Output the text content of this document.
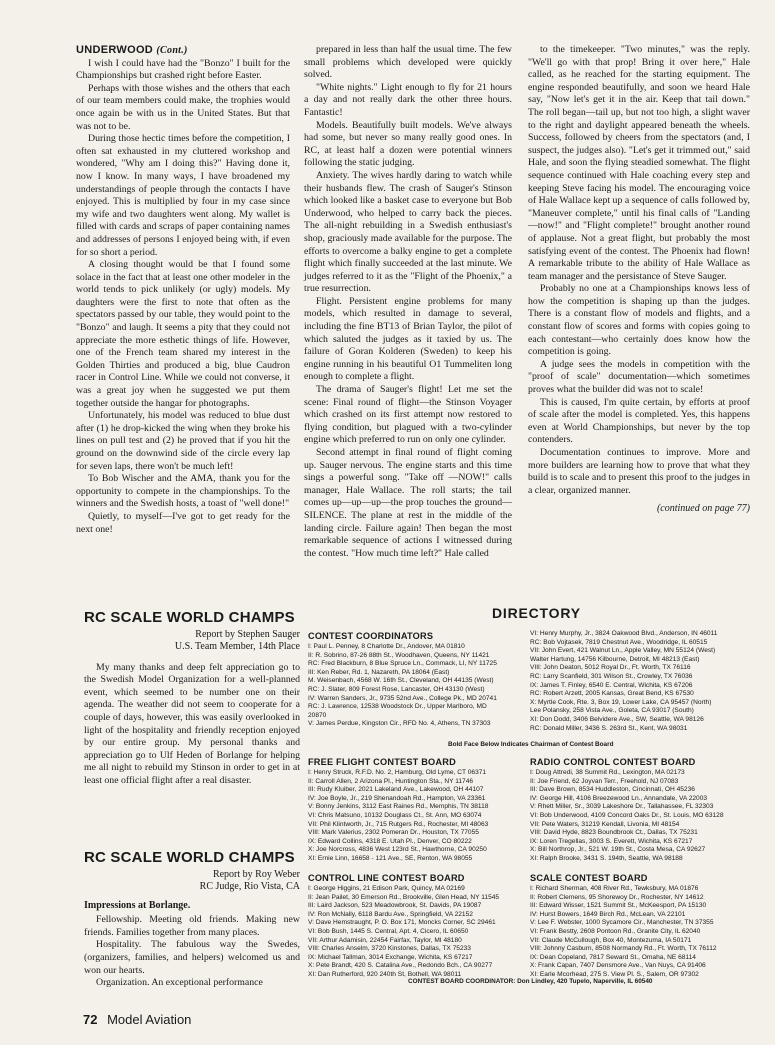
UNDERWOOD (Cont.)

I wish I could have had the "Bonzo" I built for the Championships but crashed right before Easter.

Perhaps with those wishes and the others that each of our team members could make, the trophies would once again be with us in the United States. But that was not to be.

During those hectic times before the competition, I often sat exhausted in my cluttered workshop and wondered, "Why am I doing this?" Having done it, now I know. In many ways, I have broadened my understandings of people through the contacts I have enjoyed. This is multiplied by four in my case since my wife and two daughters went along. My wallet is filled with cards and scraps of paper containing names and addresses of persons I enjoyed being with, if even for so short a period.

A closing thought would be that I found some solace in the fact that at least one other modeler in the world tends to pick unlikely (or ugly) models. My daughters were the first to note that often as the spectators passed by our table, they would point to the "Bonzo" and laugh. It seems a pity that they could not appreciate the more esthetic things of life. However, one of the French team shared my interest in the Golden Thirties and produced a big, blue Caudron racer in Control Line. While we could not converse, it was a great joy when he suggested we put them together outside the hangar for photographs.

Unfortunately, his model was reduced to blue dust after (1) he drop-kicked the wing when they broke his lines on pull test and (2) he proved that if you hit the ground on the downwind side of the circle every lap for seven laps, there won't be much left!

To Bob Wischer and the AMA, thank you for the opportunity to compete in the championships. To the winners and the Swedish hosts, a toast of "well done!"

Quietly, to myself—I've got to get ready for the next one!

prepared in less than half the usual time. The few small problems which developed were quickly solved.

"White nights." Light enough to fly for 21 hours a day and not really dark the other three hours. Fantastic!

Models. Beautifully built models. We've always had some, but never so many really good ones. In RC, at least half a dozen were potential winners following the static judging.

Anxiety. The wives hardly daring to watch while their husbands flew. The crash of Sauger's Stinson which looked like a basket case to everyone but Bob Underwood, who helped to carry back the pieces. The all-night rebuilding in a Swedish enthusiast's shop, graciously made available for the purpose. The efforts to overcome a balky engine to get a complete flight which finally succeeded at the last minute. We judges referred to it as the "Flight of the Phoenix," a true resurrection.

Flight. Persistent engine problems for many models, which resulted in damage to several, including the fine BT13 of Brian Taylor, the pilot of which saluted the judges as it taxied by us. The failure of Goran Kolderen (Sweden) to keep his engine running in his beautiful O1 Tummeliten long enough to complete a flight.

The drama of Sauger's flight! Let me set the scene: Final round of flight—the Stinson Voyager which crashed on its first attempt now restored to flying condition, but plagued with a two-cylinder engine which preferred to run on only one cylinder.

Second attempt in final round of flight coming up. Sauger nervous. The engine starts and this time sings a powerful song. "Take off —NOW!" calls manager, Hale Wallace. The roll starts; the tail comes up—up—up—the prop touches the ground—SILENCE. The plane at rest in the middle of the landing circle. Failure again! Then began the most remarkable sequence of actions I witnessed during the contest. "How much time left?" Hale called

to the timekeeper. "Two minutes," was the reply. "We'll go with that prop! Bring it over here," Hale called, as he reached for the starting equipment. The engine responded beautifully, and soon we heard Hale say, "Now let's get it in the air. Keep that tail down." The roll began—tail up, but not too high, a slight waver to the right and daylight appeared beneath the wheels. Success, followed by cheers from the spectators (and, I suspect, the judges also). "Let's get it trimmed out," said Hale, and soon the flying steadied somewhat. The flight sequence continued with Hale coaching every step and keeping Steve facing his model. The encouraging voice of Hale Wallace kept up a sequence of calls followed by, "Maneuver complete," until his final calls of "Landing—now!" and "Flight complete!" brought another round of applause. Not a great flight, but probably the most satisfying event of the contest. The Phoenix had flown! A remarkable tribute to the ability of Hale Wallace as team manager and the persistance of Steve Sauger.

Probably no one at a Championships knows less of how the competition is shaping up than the judges. There is a constant flow of models and flights, and a constant flow of scores and forms with copies going to each contestant—who certainly does know how the competition is going.

A judge sees the models in competition with the "proof of scale" documentation—which sometimes proves what the builder did was not to scale!

This is caused, I'm quite certain, by efforts at proof of scale after the model is completed. Yes, this happens even at World Championships, but never by the top contenders.

Documentation continues to improve. More and more builders are learning how to prove that what they build is to scale and to present this proof to the judges in a clear, organized manner.

(continued on page 77)
RC SCALE WORLD CHAMPS
Report by Stephen Sauger
U.S. Team Member, 14th Place

My many thanks and deep felt appreciation go to the Swedish Model Organization for a well-planned event, which seemed to be number one on their agenda. The weather did not seem to cooperate for a couple of days, however, this was easily overlooked in light of the hospitality and friendly reception enjoyed by our entire group. My personal thanks and appreciation go to Ulf Heden of Borlange for helping me all night to rebuild my Stinson in order to get in at least one official flight after a real disaster.

RC SCALE WORLD CHAMPS
Report by Roy Weber
RC Judge, Rio Vista, CA
Impressions at Borlange.

Fellowship. Meeting old friends. Making new friends. Families together from many places.

Hospitality. The fabulous way the Swedes, (organizers, families, and helpers) welcomed us and won our hearts.

Organization. An exceptional performance

DIRECTORY
CONTEST COORDINATORS
I: Paul L. Penney, 8 Charlotte Dr., Andover, MA 01810
II: R. Sobrino, 87-26 88th St., Woodhaven, Queens, NY 11421
RC: Fred Blackburn, 8 Blue Spruce Ln., Commack, LI, NY 11725
III: Ken Reber, Rd. 1, Nazareth, PA 18064 (East)
M. Weisenbach, 4568 W. 16th St., Cleveland, OH 44135 (West)
RC: J. Slater, 809 Forest Rose, Lancaster, OH 43130 (West)
IV: Warren Sanders, Jr., 9735 52nd Ave., College Pk., MD 20741
RC: J. Lawrence, 12538 Woodstock Dr., Upper Marlboro, MD
20870
V: James Perdue, Kingston Cir., RFD No. 4, Athens, TN 37303
VI: Henry Murphy, Jr., 3824 Oakwood Blvd., Anderson, IN 46011
RC: Bob Vojtasek, 7819 Chestnut Ave., Woodridge, IL 60515
VII: John Evert, 421 Walnut Ln., Apple Valley, MN 55124 (West)
Walter Hartung, 14756 Kilbourne, Detroit, MI 48213 (East)
VIII: John Deaton, 5012 Royal Dr., Ft. Worth, TX 76116
RC: Larry Scanfield, 301 Wilson St., Crowley, TX 76036
IX: James T. Finley, 6540 E. Central, Wichita, KS 67206
RC: Robert Arzett, 2005 Kansas, Great Bend, KS 67530
X: Myrtle Cook, Rte. 3, Box 19, Lower Lake, CA 95457 (North)
Lee Polansky, 258 Vista Ave., Goleta, CA 93017 (South)
XI: Don Dodd, 3406 Belvidere Ave., SW, Seattle, WA 98126
RC: Donald Miller, 3436 S. 263rd St., Kent, WA 98031
Bold Face Below Indicates Chairman of Contest Board
FREE FLIGHT CONTEST BOARD
I: Henry Struck, R.F.D. No. 2, Hamburg, Old Lyme, CT 06371
II: Carroll Allen, 2 Arizona Pl., Huntington Sta., NY 11746
III: Rudy Kluiber, 2021 Lakeland Ave., Lakewood, OH 44107
IV: Joe Boyle, Jr., 219 Shenandoah Rd., Hampton, VA 23361
V: Bonny Jenkins, 3112 East Raines Rd., Memphis, TN 38118
VI: Chris Matsuno, 10132 Douglass Ct., St. Ann, MO 63074
VII: Phil Klintworth, Jr., 715 Rutgers Rd., Rochester, MI 48063
VIII: Mark Valerius, 2302 Pomeran Dr., Houston, TX 77055
IX: Edward Collins, 4318 E. Utah Pl., Denver, CO 80222
X: Joe Norcross, 4836 West 123rd St., Hawthorne, CA 90250
XI: Ernie Linn, 16658 - 121 Ave., SE, Renton, WA 98055
RADIO CONTROL CONTEST BOARD
I: Doug Attredi, 38 Summit Rd., Lexington, MA 02173
II: Joe Friend, 62 Joyvan Terr., Freehold, NJ 07083
III: Dave Brown, 8534 Huddleston, Cincinnati, OH 45236
IV: George Hill, 4106 Breezewood Ln., Annandale, VA 22003
V: Rhett Miller, Sr., 3039 Lakeshore Dr., Tallahassee, FL 32303
VI: Bob Underwood, 4109 Concord Oaks Dr., St. Louis, MO 63128
VII: Pete Waters, 31219 Kendall, Livonia, MI 48154
VIII: David Hyde, 8823 Boundbrook Ct., Dallas, TX 75231
IX: Loren Tregellas, 3003 S. Everett, Wichita, KS 67217
X: Bill Northrop, Jr., 521 W. 19th St., Costa Mesa, CA 92627
XI: Ralph Brooke, 3431 S. 194th, Seattle, WA 98188
CONTROL LINE CONTEST BOARD
I: George Higgins, 21 Edison Park, Quincy, MA 02169
II: Jean Pailet, 30 Emerson Rd., Brookville, Glen Head, NY 11545
III: Laird Jackson, 523 Meadowbrook, St. Davids, PA 19087
IV: Ron McNally, 6118 Bardu Ave., Springfield, VA 22152
V: Dave Hemstraught, P. O. Box 171, Moncks Corner, SC 29461
VI: Bob Bush, 1445 S. Central, Apt. 4, Cicero, IL 60650
VII: Arthur Adamisin, 22454 Fairfax, Taylor, MI 48180
VIII: Charles Anselm, 3720 Kinstones, Dallas, TX 75233
IX: Michael Tallman, 3014 Exchange, Wichita, KS 67217
X: Pete Brandt, 420 S. Catalina Ave., Redondo Bch., CA 90277
XI: Dan Rutherford, 920 240th St, Bothell, WA 98011
SCALE CONTEST BOARD
I: Richard Sherman, 408 River Rd., Tewksbury, MA 01876
II: Robert Clemens, 95 Shorewoy Dr., Rochester, NY 14612
III: Edward Wisser, 1521 Summit St., McKeesport, PA 15130
IV: Hurst Bowers, 1649 Birch Rd., McLean, VA 22101
V: Lee F. Webster, 1000 Sycamore Cir., Manchester, TN 37355
VI: Frank Bestty, 2608 Pontoon Rd., Granite City, IL 62040
VII: Claude McCullough, Box 40, Montezuma, IA 50171
VIII: Johnny Casburn, 8508 Normandy Rd., Ft. Worth, TX 76112
IX: Dean Copeland, 7817 Seward St., Omaha, NE 68114
X: Frank Capan, 7407 Densmore Ave., Van Nuys, CA 91406
XI: Earle Mcorhead, 275 S. View Pl. S., Salem, OR 97302
CONTEST BOARD COORDINATOR: Don Lindley, 420 Tupelo, Naperville, IL 60540
72 Model Aviation
